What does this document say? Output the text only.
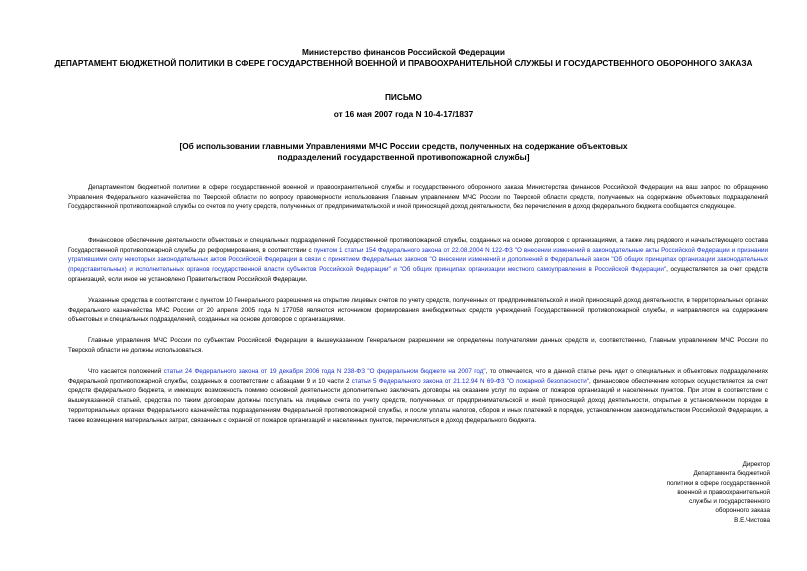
Министерство финансов Российской Федерации
ДЕПАРТАМЕНТ БЮДЖЕТНОЙ ПОЛИТИКИ В СФЕРЕ ГОСУДАРСТВЕННОЙ ВОЕННОЙ И ПРАВООХРАНИТЕЛЬНОЙ СЛУЖБЫ И ГОСУДАРСТВЕННОГО ОБОРОННОГО ЗАКАЗА
ПИСЬМО
от 16 мая 2007 года N 10-4-17/1837
[Об использовании главными Управлениями МЧС России средств, полученных на содержание объектовых подразделений государственной противопожарной службы]

Департаментом бюджетной политики в сфере государственной военной и правоохранительной службы и государственного оборонного заказа Министерства финансов Российской Федерации на ваш запрос по обращению Управления Федерального казначейства по Тверской области по вопросу правомерности использования Главным управлением МЧС России по Тверской области средств, получаемых на содержание объектовых подразделений Государственной противопожарной службы со счетов по учету средств, полученных от предпринимательской и иной приносящей доход деятельности, без перечисления в доход федерального бюджета сообщается следующее.

Финансовое обеспечение деятельности объектовых и специальных подразделений Государственной противопожарной службы, созданных на основе договоров с организациями, а также лиц рядового и начальствующего состава Государственной противопожарной службы до реформирования, в соответствии с пунктом 1 статьи 154 Федерального закона от 22.08.2004 N 122-ФЗ "О внесении изменений в законодательные акты Российской Федерации и признании утратившими силу некоторых законодательных актов Российской Федерации в связи с принятием Федеральных законов "О внесении изменений и дополнений в Федеральный закон "Об общих принципах организации законодательных (представительных) и исполнительных органов государственной власти субъектов Российской Федерации" и "Об общих принципах организации местного самоуправления в Российской Федерации", осуществляется за счет средств организаций, если иное не установлено Правительством Российской Федерации.

Указанные средства в соответствии с пунктом 10 Генерального разрешения на открытие лицевых счетов по учету средств, полученных от предпринимательской и иной приносящей доход деятельности, в территориальных органах Федерального казначейства МЧС России от 20 апреля 2005 года N 177058 являются источником формирования внебюджетных средств учреждений Государственной противопожарной службы, и направляются на содержание объектовых и специальных подразделений, созданных на основе договоров с организациями.

Главные управления МЧС России по субъектам Российской Федерации в вышеуказанном Генеральном разрешении не определены получателями данных средств и, соответственно, Главным управлением МЧС России по Тверской области не должны использоваться.

Что касается положений статьи 24 Федерального закона от 19 декабря 2006 года N 238-ФЗ "О федеральном бюджете на 2007 год", то отмечается, что в данной статье речь идет о специальных и объектовых подразделениях Федеральной противопожарной службы, созданных в соответствии с абзацами 9 и 10 части 2 статьи 5 Федерального закона от 21.12.94 N 69-ФЗ "О пожарной безопасности", финансовое обеспечение которых осуществляется за счет средств федерального бюджета, и имеющих возможность помимо основной деятельности дополнительно заключать договоры на оказание услуг по охране от пожаров организаций и населенных пунктов. При этом в соответствии с вышеуказанной статьей, средства по таким договорам должны поступать на лицевые счета по учету средств, полученных от предпринимательской и иной приносящей доход деятельности, открытые в установленном порядке в территориальных органах Федерального казначейства подразделениям Федеральной противопожарной службы, и после уплаты налогов, сборов и иных платежей в порядке, установленном законодательством Российской Федерации, а также возмещения материальных затрат, связанных с охраной от пожаров организаций и населенных пунктов, перечисляться в доход федерального бюджета.

Директор
Департамента бюджетной
политики в сфере государственной
военной и правоохранительной
службы и государственного
оборонного заказа
В.Е.Чистова
